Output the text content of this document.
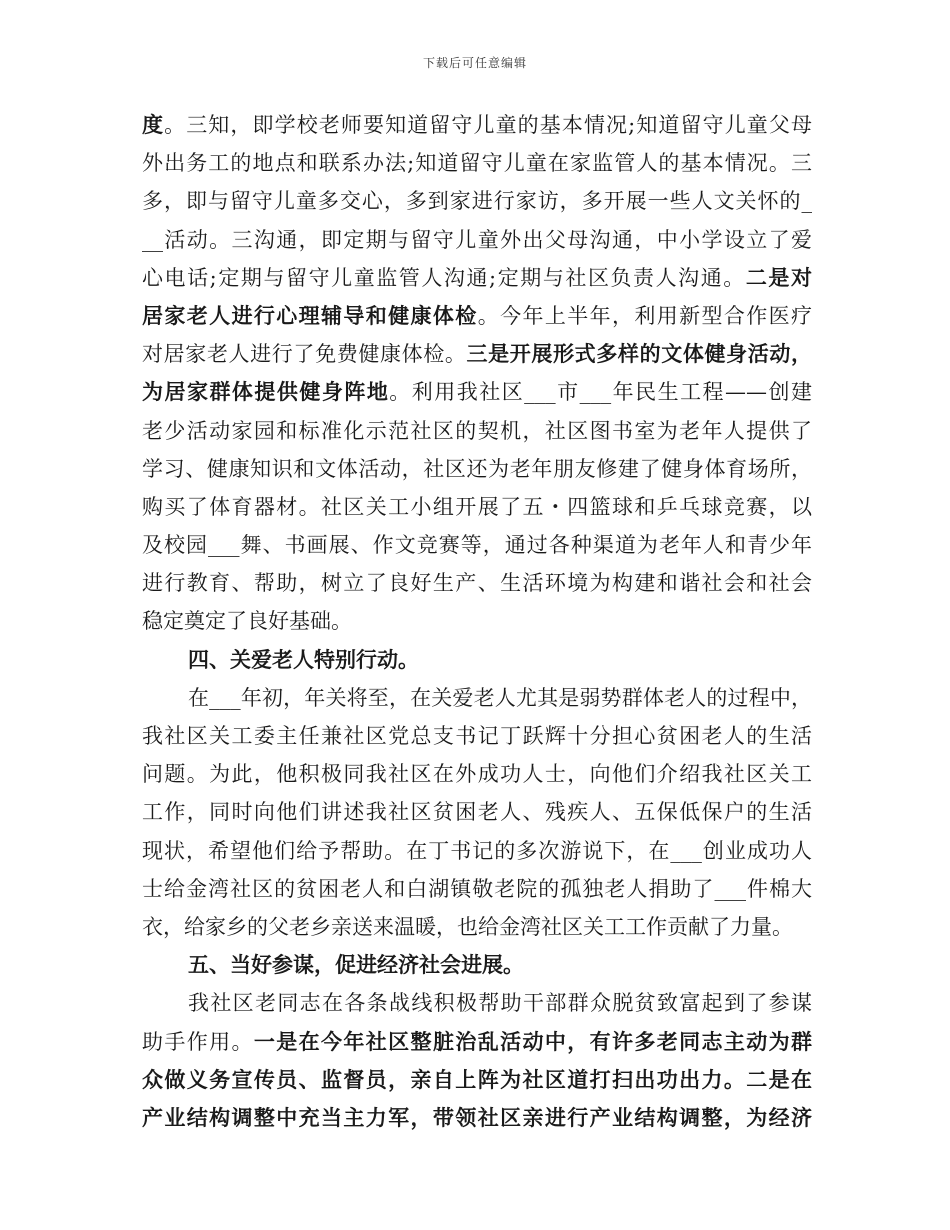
下载后可任意编辑
度。三知，即学校老师要知道留守儿童的基本情况;知道留守儿童父母
外出务工的地点和联系办法;知道留守儿童在家监管人的基本情况。三
多，即与留守儿童多交心，多到家进行家访，多开展一些人文关怀的_
__活动。三沟通，即定期与留守儿童外出父母沟通，中小学设立了爱
心电话;定期与留守儿童监管人沟通;定期与社区负责人沟通。二是对
居家老人进行心理辅导和健康体检。今年上半年，利用新型合作医疗
对居家老人进行了免费健康体检。三是开展形式多样的文体健身活动，
为居家群体提供健身阵地。利用我社区___市___年民生工程——创建
老少活动家园和标准化示范社区的契机，社区图书室为老年人提供了
学习、健康知识和文体活动，社区还为老年朋友修建了健身体育场所，
购买了体育器材。社区关工小组开展了五・四篮球和乒乓球竞赛，以
及校园___舞、书画展、作文竞赛等，通过各种渠道为老年人和青少年
进行教育、帮助，树立了良好生产、生活环境为构建和谐社会和社会
稳定奠定了良好基础。
四、关爱老人特别行动。
在___年初，年关将至，在关爱老人尤其是弱势群体老人的过程中，
我社区关工委主任兼社区党总支书记丁跃辉十分担心贫困老人的生活
问题。为此，他积极同我社区在外成功人士，向他们介绍我社区关工
工作，同时向他们讲述我社区贫困老人、残疾人、五保低保户的生活
现状，希望他们给予帮助。在丁书记的多次游说下，在___创业成功人
士给金湾社区的贫困老人和白湖镇敬老院的孤独老人捐助了___件棉大
衣，给家乡的父老乡亲送来温暖，也给金湾社区关工工作贡献了力量。
五、当好参谋，促进经济社会进展。
我社区老同志在各条战线积极帮助干部群众脱贫致富起到了参谋
助手作用。一是在今年社区整脏治乱活动中，有许多老同志主动为群
众做义务宣传员、监督员，亲自上阵为社区道打扫出功出力。二是在
产业结构调整中充当主力军，带领社区亲进行产业结构调整，为经济
